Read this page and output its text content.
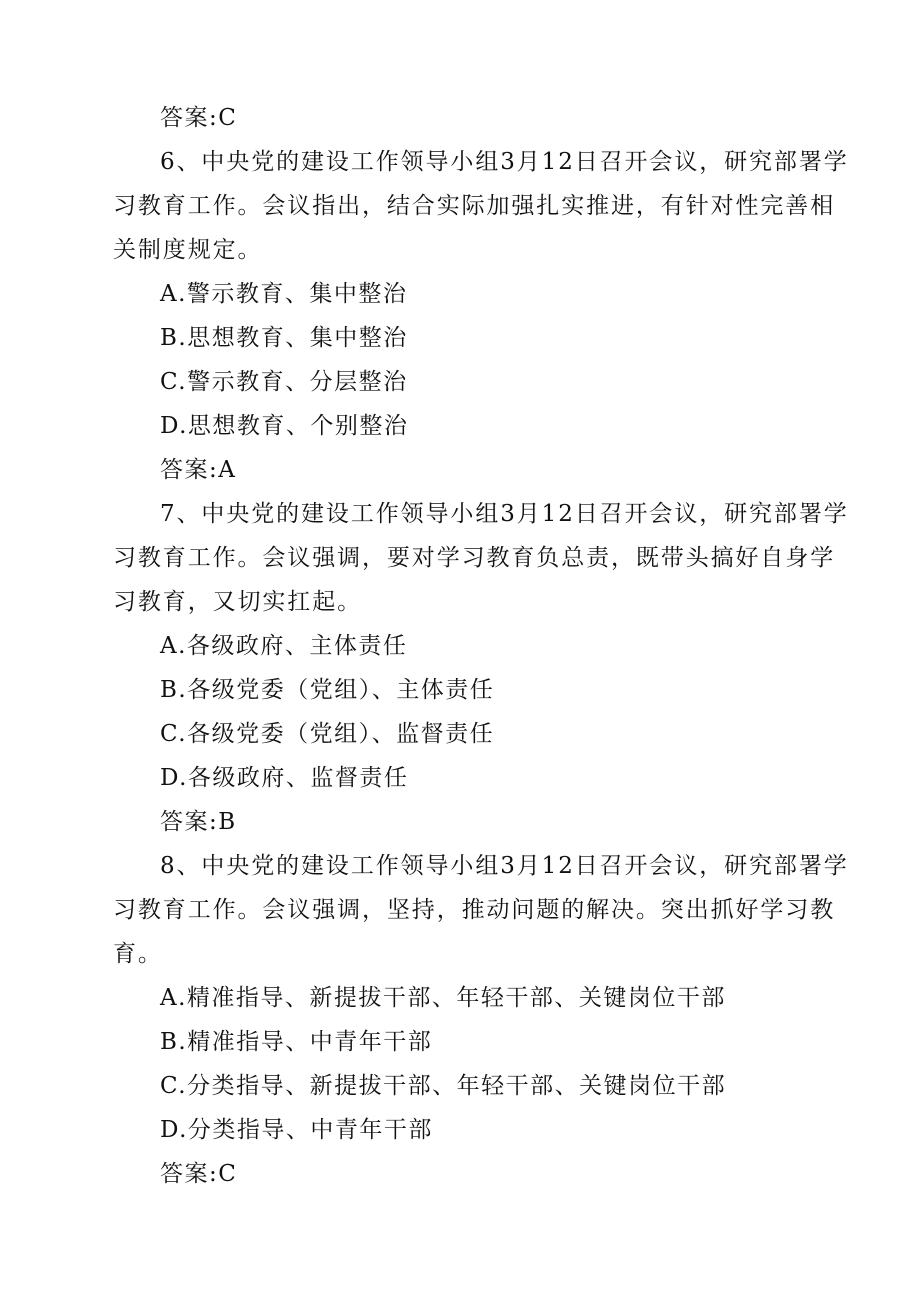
答案:C
6、中央党的建设工作领导小组3月12日召开会议，研究部署学
习教育工作。会议指出，结合实际加强扎实推进，有针对性完善相
关制度规定。
A.警示教育、集中整治
B.思想教育、集中整治
C.警示教育、分层整治
D.思想教育、个别整治
答案:A
7、中央党的建设工作领导小组3月12日召开会议，研究部署学
习教育工作。会议强调，要对学习教育负总责，既带头搞好自身学
习教育，又切实扛起。
A.各级政府、主体责任
B.各级党委（党组）、主体责任
C.各级党委（党组）、监督责任
D.各级政府、监督责任
答案:B
8、中央党的建设工作领导小组3月12日召开会议，研究部署学
习教育工作。会议强调，坚持，推动问题的解决。突出抓好学习教
育。
A.精准指导、新提拔干部、年轻干部、关键岗位干部
B.精准指导、中青年干部
C.分类指导、新提拔干部、年轻干部、关键岗位干部
D.分类指导、中青年干部
答案:C
